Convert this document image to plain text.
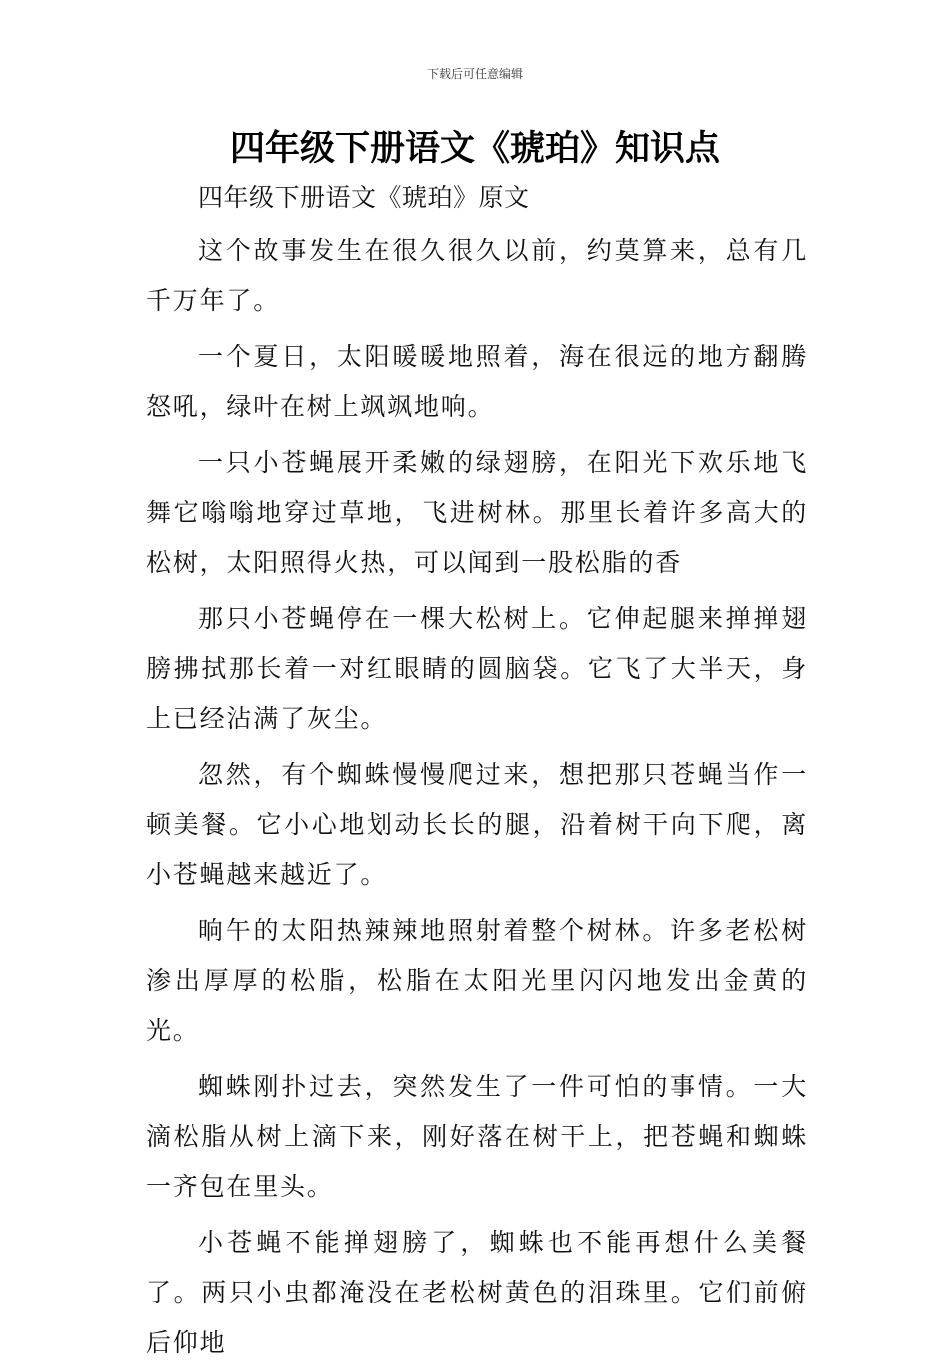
下载后可任意编辑
四年级下册语文《琥珀》知识点

四年级下册语文《琥珀》原文

这个故事发生在很久很久以前，约莫算来，总有几千万年了。

一个夏日，太阳暖暖地照着，海在很远的地方翻腾怒吼，绿叶在树上飒飒地响。

一只小苍蝇展开柔嫩的绿翅膀，在阳光下欢乐地飞舞它嗡嗡地穿过草地，飞进树林。那里长着许多高大的松树，太阳照得火热，可以闻到一股松脂的香

那只小苍蝇停在一棵大松树上。它伸起腿来掸掸翅膀拂拭那长着一对红眼睛的圆脑袋。它飞了大半天，身上已经沾满了灰尘。

忽然，有个蜘蛛慢慢爬过来，想把那只苍蝇当作一顿美餐。它小心地划动长长的腿，沿着树干向下爬，离小苍蝇越来越近了。

晌午的太阳热辣辣地照射着整个树林。许多老松树渗出厚厚的松脂，松脂在太阳光里闪闪地发出金黄的光。

蜘蛛刚扑过去，突然发生了一件可怕的事情。一大滴松脂从树上滴下来，刚好落在树干上，把苍蝇和蜘蛛一齐包在里头。

小苍蝇不能掸翅膀了，蜘蛛也不能再想什么美餐了。两只小虫都淹没在老松树黄色的泪珠里。它们前俯后仰地
